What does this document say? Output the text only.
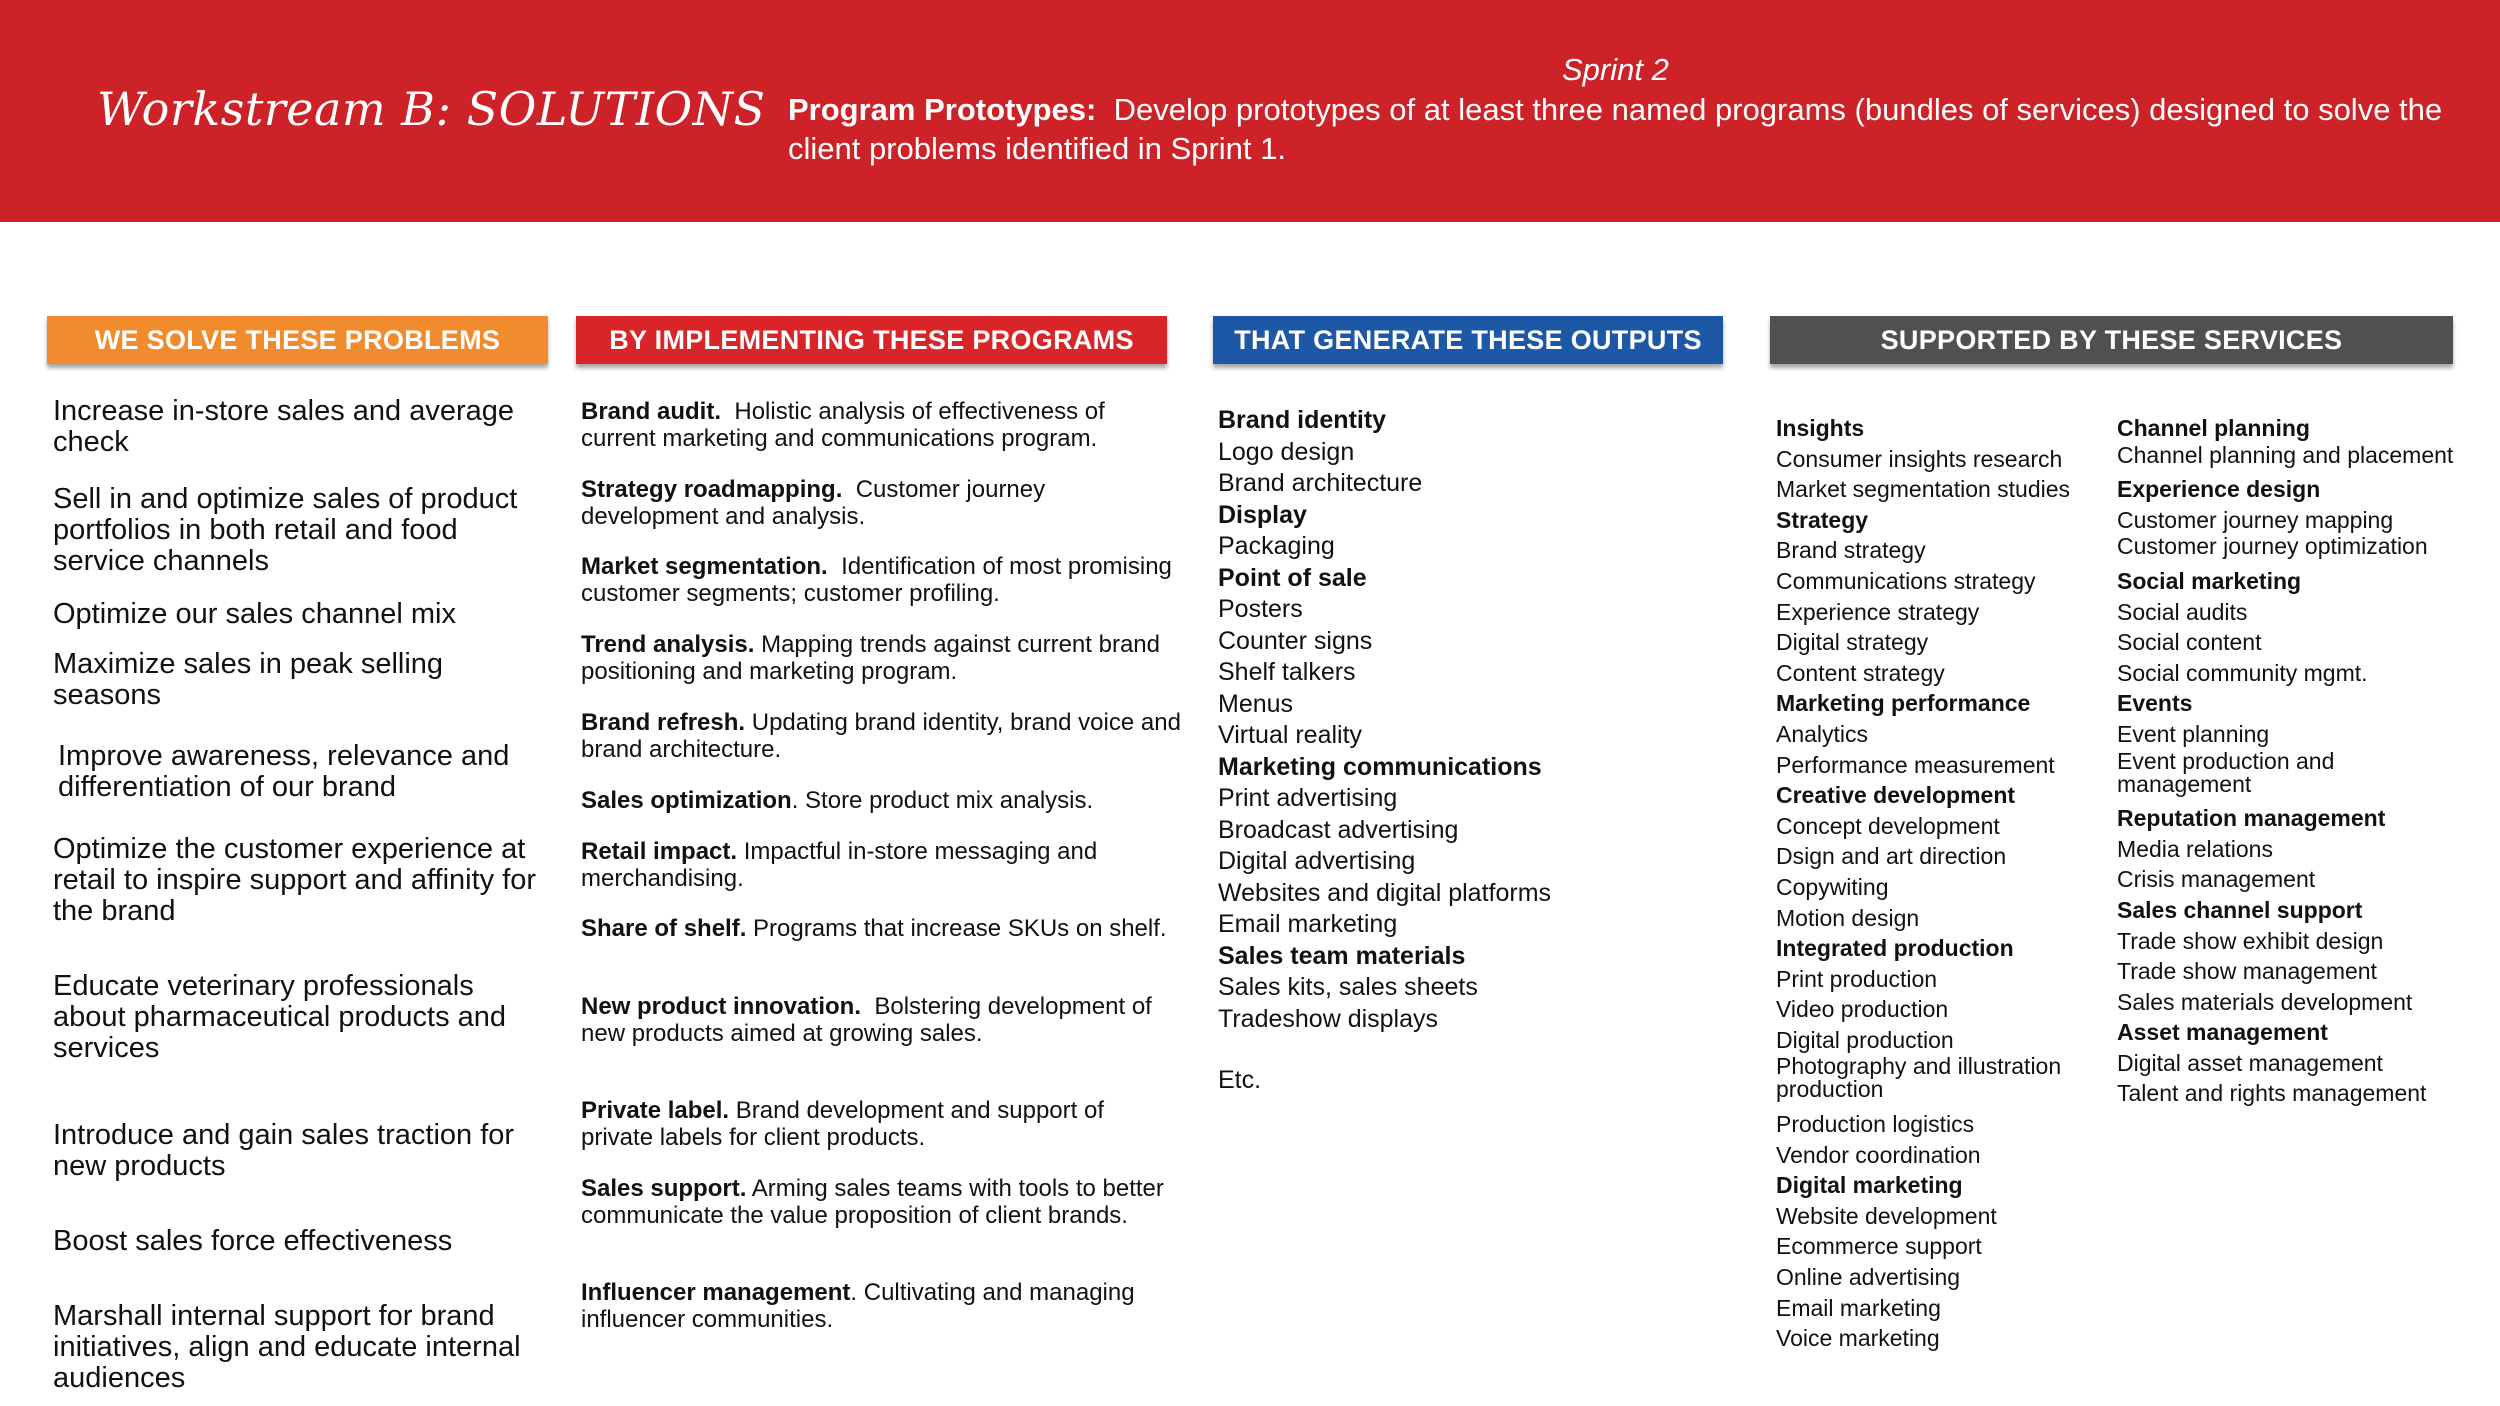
Workstream B: SOLUTIONS
Sprint 2
Program Prototypes: Develop prototypes of at least three named programs (bundles of services) designed to solve the client problems identified in Sprint 1.
WE SOLVE THESE PROBLEMS	BY IMPLEMENTING THESE PROGRAMS	THAT GENERATE THESE OUTPUTS	SUPPORTED BY THESE SERVICES
Increase in-store sales and average check
Sell in and optimize sales of product portfolios in both retail and food service channels
Optimize our sales channel mix
Maximize sales in peak selling seasons
Improve awareness, relevance and differentiation of our brand
Optimize the customer experience at retail to inspire support and affinity for the brand
Educate veterinary professionals about pharmaceutical products and services
Introduce and gain sales traction for new products
Boost sales force effectiveness
Marshall internal support for brand initiatives, align and educate internal audiences
Brand audit. Holistic analysis of effectiveness of current marketing and communications program.
Strategy roadmapping. Customer journey development and analysis.
Market segmentation. Identification of most promising customer segments; customer profiling.
Trend analysis. Mapping trends against current brand positioning and marketing program.
Brand refresh. Updating brand identity, brand voice and brand architecture.
Sales optimization. Store product mix analysis.
Retail impact. Impactful in-store messaging and merchandising.
Share of shelf. Programs that increase SKUs on shelf.
New product innovation. Bolstering development of new products aimed at growing sales.
Private label. Brand development and support of private labels for client products.
Sales support. Arming sales teams with tools to better communicate the value proposition of client brands.
Influencer management. Cultivating and managing influencer communities.
Brand identity
Logo design
Brand architecture
Display
Packaging
Point of sale
Posters
Counter signs
Shelf talkers
Menus
Virtual reality
Marketing communications
Print advertising
Broadcast advertising
Digital advertising
Websites and digital platforms
Email marketing
Sales team materials
Sales kits, sales sheets
Tradeshow displays
Etc.
Insights
Consumer insights research
Market segmentation studies
Strategy
Brand strategy
Communications strategy
Experience strategy
Digital strategy
Content strategy
Marketing performance
Analytics
Performance measurement
Creative development
Concept development
Dsign and art direction
Copywiting
Motion design
Integrated production
Print production
Video production
Digital production
Photography and illustration production
Production logistics
Vendor coordination
Digital marketing
Website development
Ecommerce support
Online advertising
Email marketing
Voice marketing
Channel planning
Channel planning and placement
Experience design
Customer journey mapping
Customer journey optimization
Social marketing
Social audits
Social content
Social community mgmt.
Events
Event planning
Event production and management
Reputation management
Media relations
Crisis management
Sales channel support
Trade show exhibit design
Trade show management
Sales materials development
Asset management
Digital asset management
Talent and rights management
